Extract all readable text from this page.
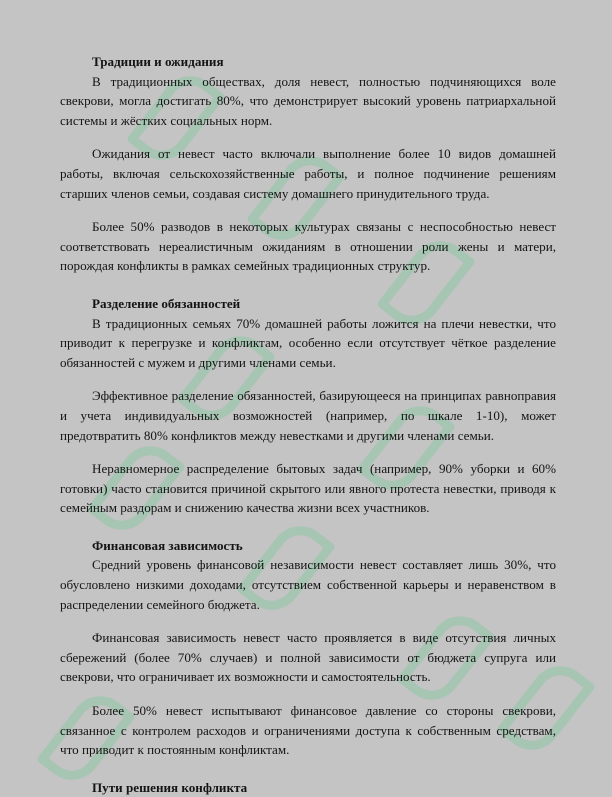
Традиции и ожидания

В традиционных обществах, доля невест, полностью подчиняющихся воле свекрови, могла достигать 80%, что демонстрирует высокий уровень патриархальной системы и жёстких социальных норм.

Ожидания от невест часто включали выполнение более 10 видов домашней работы, включая сельскохозяйственные работы, и полное подчинение решениям старших членов семьи, создавая систему домашнего принудительного труда.

Более 50% разводов в некоторых культурах связаны с неспособностью невест соответствовать нереалистичным ожиданиям в отношении роли жены и матери, порождая конфликты в рамках семейных традиционных структур.

Разделение обязанностей

В традиционных семьях 70% домашней работы ложится на плечи невестки, что приводит к перегрузке и конфликтам, особенно если отсутствует чёткое разделение обязанностей с мужем и другими членами семьи.

Эффективное разделение обязанностей, базирующееся на принципах равноправия и учета индивидуальных возможностей (например, по шкале 1-10), может предотвратить 80% конфликтов между невестками и другими членами семьи.

Неравномерное распределение бытовых задач (например, 90% уборки и 60% готовки) часто становится причиной скрытого или явного протеста невестки, приводя к семейным раздорам и снижению качества жизни всех участников.

Финансовая зависимость

Средний уровень финансовой независимости невест составляет лишь 30%, что обусловлено низкими доходами, отсутствием собственной карьеры и неравенством в распределении семейного бюджета.

Финансовая зависимость невест часто проявляется в виде отсутствия личных сбережений (более 70% случаев) и полной зависимости от бюджета супруга или свекрови, что ограничивает их возможности и самостоятельность.

Более 50% невест испытывают финансовое давление со стороны свекрови, связанное с контролем расходов и ограничениями доступа к собственным средствам, что приводит к постоянным конфликтам.

Пути решения конфликта
